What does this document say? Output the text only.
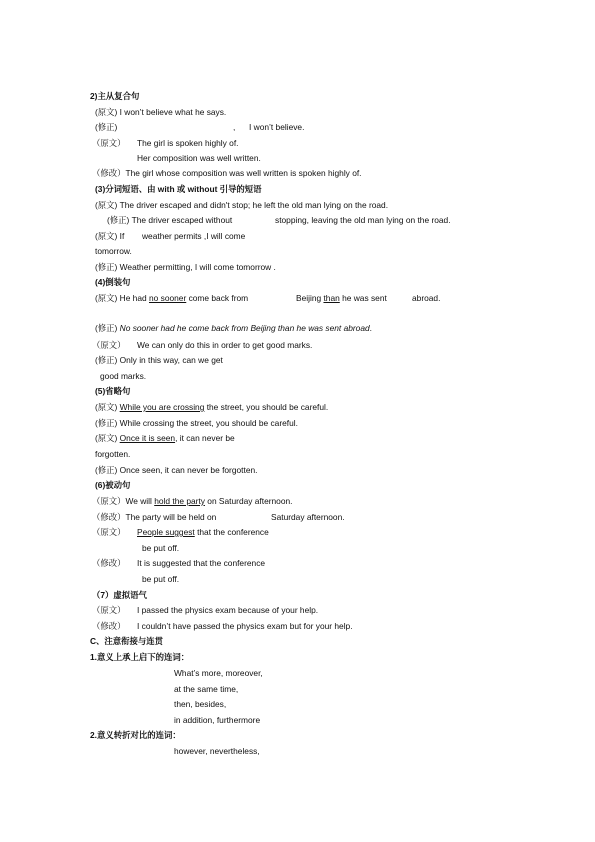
2)主从复合句
(原文) I won’t believe what he says.
(修正)	, I won’t believe.
（原文） The girl is spoken highly of.
Her composition was well written.
（修改）The girl whose composition was well written is spoken highly of.
(3)分词短语、由 with 或 without 引导的短语
(原文) The driver escaped and didn't stop; he left the old man lying on the road.
(修正) The driver escaped without	stopping, leaving the old man lying on the road.
(原文) If weather permits ,I will come
tomorrow.
(修正) Weather permitting, I will come tomorrow .
(4)倒装句
(原文) He had no sooner come back from	Beijing than he was sent	abroad.
(修正) No sooner had he come back from Beijing than he was sent abroad.
（原文） We can only do this in order to get good marks.
(修正) Only in this way, can we get
good marks.
(5)省略句
(原文) While you are crossing the street, you should be careful.
(修正) While crossing the street, you should be careful.
(原文) Once it is seen, it can never be
forgotten.
(修正) Once seen, it can never be forgotten.
(6)被动句
（原文）We will hold the party on Saturday afternoon.
（修改）The party will be held on	Saturday afternoon.
（原文） People suggest that the conference
be put off.
（修改） It is suggested that the conference
be put off.
（7）虚拟语气
（原文） I passed the physics exam because of your help.
（修改） I couldn’t have passed the physics exam but for your help.
C、注意衔接与连贯
1.意义上承上启下的连词：
What’s more, moreover,
at the same time,
then, besides,
in addition, furthermore
2.意义转折对比的连词：
however, nevertheless,
